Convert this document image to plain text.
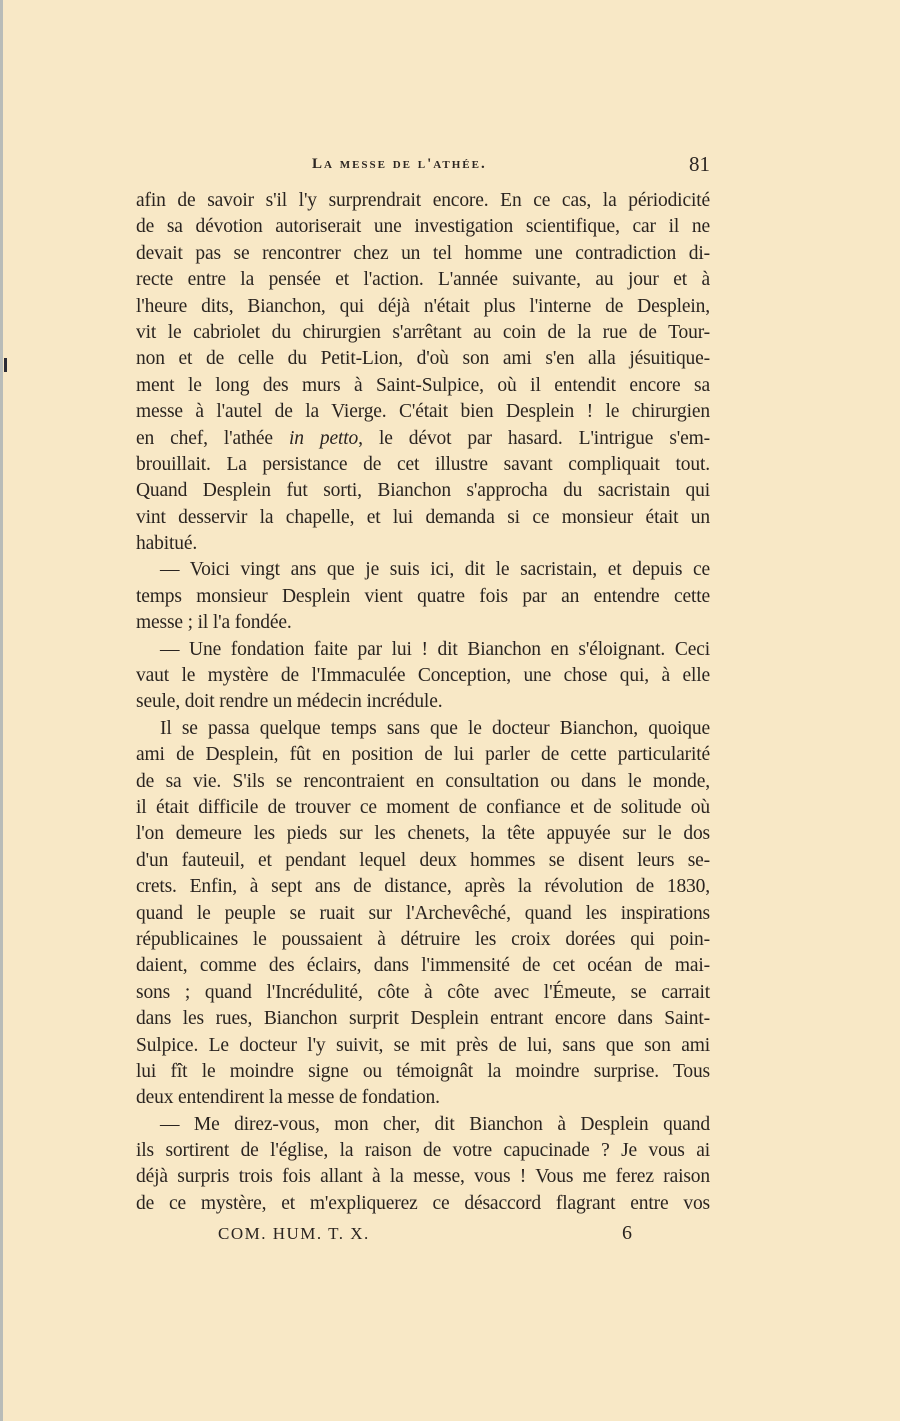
La messe de l'athée.	81
afin de savoir s'il l'y surprendrait encore. En ce cas, la périodicité
de sa dévotion autoriserait une investigation scientifique, car il ne
devait pas se rencontrer chez un tel homme une contradiction di-
recte entre la pensée et l'action. L'année suivante, au jour et à
l'heure dits, Bianchon, qui déjà n'était plus l'interne de Desplein,
vit le cabriolet du chirurgien s'arrêtant au coin de la rue de Tour-
non et de celle du Petit-Lion, d'où son ami s'en alla jésuitique-
ment le long des murs à Saint-Sulpice, où il entendit encore sa
messe à l'autel de la Vierge. C'était bien Desplein ! le chirurgien
en chef, l'athée in petto, le dévot par hasard. L'intrigue s'em-
brouillait. La persistance de cet illustre savant compliquait tout.
Quand Desplein fut sorti, Bianchon s'approcha du sacristain qui
vint desservir la chapelle, et lui demanda si ce monsieur était un
habitué.
— Voici vingt ans que je suis ici, dit le sacristain, et depuis ce
temps monsieur Desplein vient quatre fois par an entendre cette
messe ; il l'a fondée.
— Une fondation faite par lui ! dit Bianchon en s'éloignant. Ceci
vaut le mystère de l'Immaculée Conception, une chose qui, à elle
seule, doit rendre un médecin incrédule.
Il se passa quelque temps sans que le docteur Bianchon, quoique
ami de Desplein, fût en position de lui parler de cette particularité
de sa vie. S'ils se rencontraient en consultation ou dans le monde,
il était difficile de trouver ce moment de confiance et de solitude où
l'on demeure les pieds sur les chenets, la tête appuyée sur le dos
d'un fauteuil, et pendant lequel deux hommes se disent leurs se-
crets. Enfin, à sept ans de distance, après la révolution de 1830,
quand le peuple se ruait sur l'Archevêché, quand les inspirations
républicaines le poussaient à détruire les croix dorées qui poin-
daient, comme des éclairs, dans l'immensité de cet océan de mai-
sons ; quand l'Incrédulité, côte à côte avec l'Émeute, se carrait
dans les rues, Bianchon surprit Desplein entrant encore dans Saint-
Sulpice. Le docteur l'y suivit, se mit près de lui, sans que son ami
lui fît le moindre signe ou témoignât la moindre surprise. Tous
deux entendirent la messe de fondation.
— Me direz-vous, mon cher, dit Bianchon à Desplein quand
ils sortirent de l'église, la raison de votre capucinade ? Je vous ai
déjà surpris trois fois allant à la messe, vous ! Vous me ferez raison
de ce mystère, et m'expliquerez ce désaccord flagrant entre vos
COM. HUM. T. X.	6
